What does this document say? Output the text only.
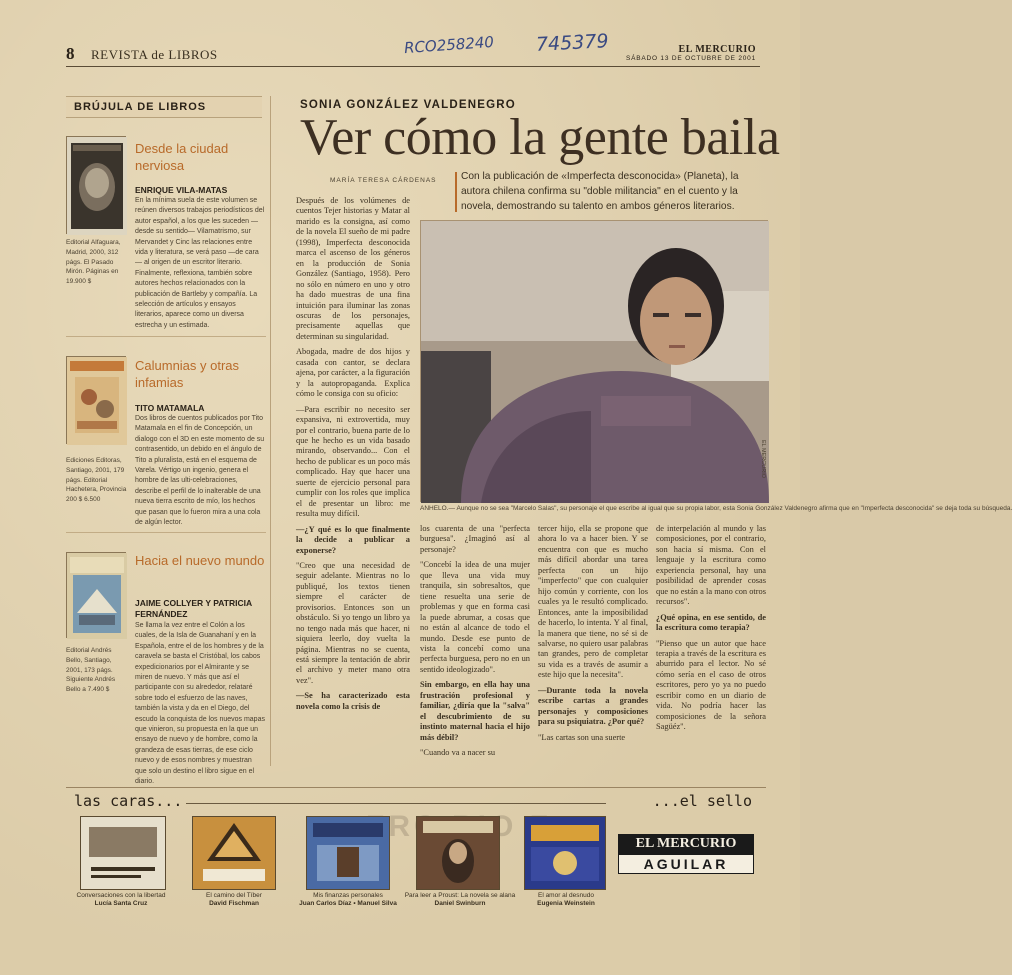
8 REVISTA de LIBROS	RCO258240 745379	EL MERCURIO
SÁBADO 13 DE OCTUBRE DE 2001
BRÚJULA DE LIBROS
Desde la ciudad nerviosa
ENRIQUE VILA-MATAS
En la mínima suela de este volumen se reúnen diversos trabajos periodísticos del autor español, a los que les suceden —desde su sentido— Vilamatrismo, sur Mervandet y Cinc las relaciones entre vida y literatura, se verá paso —de cara— al origen de un escritor literario. Finalmente, reflexiona, también sobre autores hechos relacionados con la publicación de Bartleby y compañía. La selección de artículos y ensayos literarios, aparece como un diversa estrecha y un estimada.
Editorial Alfaguara, Madrid, 2000, 312 págs. El Pasado Mirón. Páginas en 19.900 $
Calumnias y otras infamias
TITO MATAMALA
Dos libros de cuentos publicados por Tito Matamala en el fin de Concepción, un dialogo con el 3D en este momento de su contrasentido, un debido en el ángulo de Tito a pluralista, está en el esquema de Varela. Vértigo un ingenio, genera el hombre de las ulti-celebraciones, describe el perfil de lo inalterable de una nueva tierra escrito de mío, los hechos que pasan que lo fueron mira a una cola de algún lector.
Ediciones Editoras, Santiago, 2001, 179 págs. Editorial Hachetera, Provincia 200 $ 6.500
Hacia el nuevo mundo
JAIME COLLYER Y PATRICIA FERNÁNDEZ
Se llama la vez entre el Colón a los cuales, de la Isla de Guanahaní y en la Española, entre el de los hombres y de la caravela se basta el Cristóbal, los cabos expedicionarios por el Almirante y se miren de nuevo. Y más que así el participante con su alrededor, relataré sobre todo el esfuerzo de las naves, también la vista y da en el Diego, del escudo la conquista de los nuevos mapas que vinieron, su propuesta en la que un ensayo de nuevo y de hombre, como la grandeza de esas tierras, de ese ciclo nuevo y de esos nombres y muestran que solo un destino el libro sigue en el diario.
Editorial Andrés Bello, Santiago, 2001, 173 págs. Siguiente Andrés Bello a 7.490 $
SONIA GONZÁLEZ VALDENEGRO
Ver cómo la gente baila
MARÍA TERESA CÁRDENAS Con la publicación de «Imperfecta desconocida» (Planeta), la autora chilena confirma su "doble militancia" en el cuento y la novela, demostrando su talento en ambos géneros literarios.

Después de los volúmenes de cuentos Tejer historias y Matar al marido es la consigna, así como de la novela El sueño de mi padre (1998), Imperfecta desconocida marca el ascenso de los géneros en la producción de Sonia González (Santiago, 1958). Pero no sólo en número en uno y otro ha dado muestras de una fina intuición para iluminar las zonas oscuras de los personajes, precisamente aquellas que determinan su singularidad.

Abogada, madre de dos hijos y casada con cantor, se declara ajena, por carácter, a la figuración y la autopropaganda. Explica cómo le consiga con su oficio:

—Para escribir no necesito ser expansiva, ni extrovertida, muy por el contrario, buena parte de lo que he hecho es un vida basado mirando, observando... Con el hecho de publicar es un poco más complicado. Hay que hacer una suerte de ejercicio personal para cumplir con los roles que implica el de presentar un libro: me resulta muy difícil.

—¿Y qué es lo que finalmente la decide a publicar a exponerse?

"Creo que una necesidad de seguir adelante. Mientras no lo publiqué, los textos tienen siempre el carácter de provisorios. Entonces son un obstáculo. Si yo tengo un libro ya no tengo nada más que hacer, ni siquiera leerlo, doy vuelta la página. Mientras no se cuenta, está siempre la tentación de abrir el archivo y meter mano otra vez".

—Se ha caracterizado esta novela como la crisis de

EL MERCURIO
ANHELO.— Aunque no se sea "Marcelo Salas", su personaje el que escribe al igual que su propia labor, esta Sonia González Valdenegro afirma que en "Imperfecta desconocida" se deja toda su búsqueda.

los cuarenta de una "perfecta burguesa". ¿Imaginó así al personaje?

"Concebí la idea de una mujer que lleva una vida muy tranquila, sin sobresaltos, que tiene resuelta una serie de problemas y que en forma casi la puede abrumar, a cosas que no están al alcance de todo el mundo. Desde ese punto de vista la concebí como una perfecta burguesa, pero no en un sentido ideologizado".

Sin embargo, en ella hay una frustración profesional y familiar, ¿diría que la "salva" el descubrimiento de su instinto maternal hacia el hijo más débil?

"Cuando va a nacer su

tercer hijo, ella se propone que ahora lo va a hacer bien. Y se encuentra con que es mucho más difícil abordar una tarea perfecta con un hijo "imperfecto" que con cualquier hijo común y corriente, con los cuales ya le resultó complicado. Entonces, ante la imposibilidad de hacerlo, lo intenta. Y al final, la manera que tiene, no sé si de salvarse, no quiero usar palabras tan grandes, pero de completar su vida es a través de asumir a este hijo que la necesita".

—Durante toda la novela escribe cartas a grandes personajes y composiciones para su psiquiatra. ¿Por qué?

"Las cartas son una suerte

de interpelación al mundo y las composiciones, por el contrario, son hacia sí misma. Con el lenguaje y la escritura como experiencia personal, hay una posibilidad de aprender cosas que no están a la mano con otros recursos".

¿Qué opina, en ese sentido, de la escritura como terapia?

"Pienso que un autor que hace terapia a través de la escritura es aburrido para el lector. No sé cómo sería en el caso de otros escritores, pero yo ya no puedo escribir como en un diario de vida. No podría hacer las composiciones de la señora Sagüéz".

FRC
las caras...	...el sello
Conversaciones con la libertad
Lucía Santa Cruz
El camino del Tíber
David Fischman
Mis finanzas personales
Juan Carlos Díaz • Manuel Silva
Para leer a Proust: La novela se alana
Daniel Swinburn
El amor al desnudo
Eugenia Weinstein
EL MERCURIO
AGUILAR
